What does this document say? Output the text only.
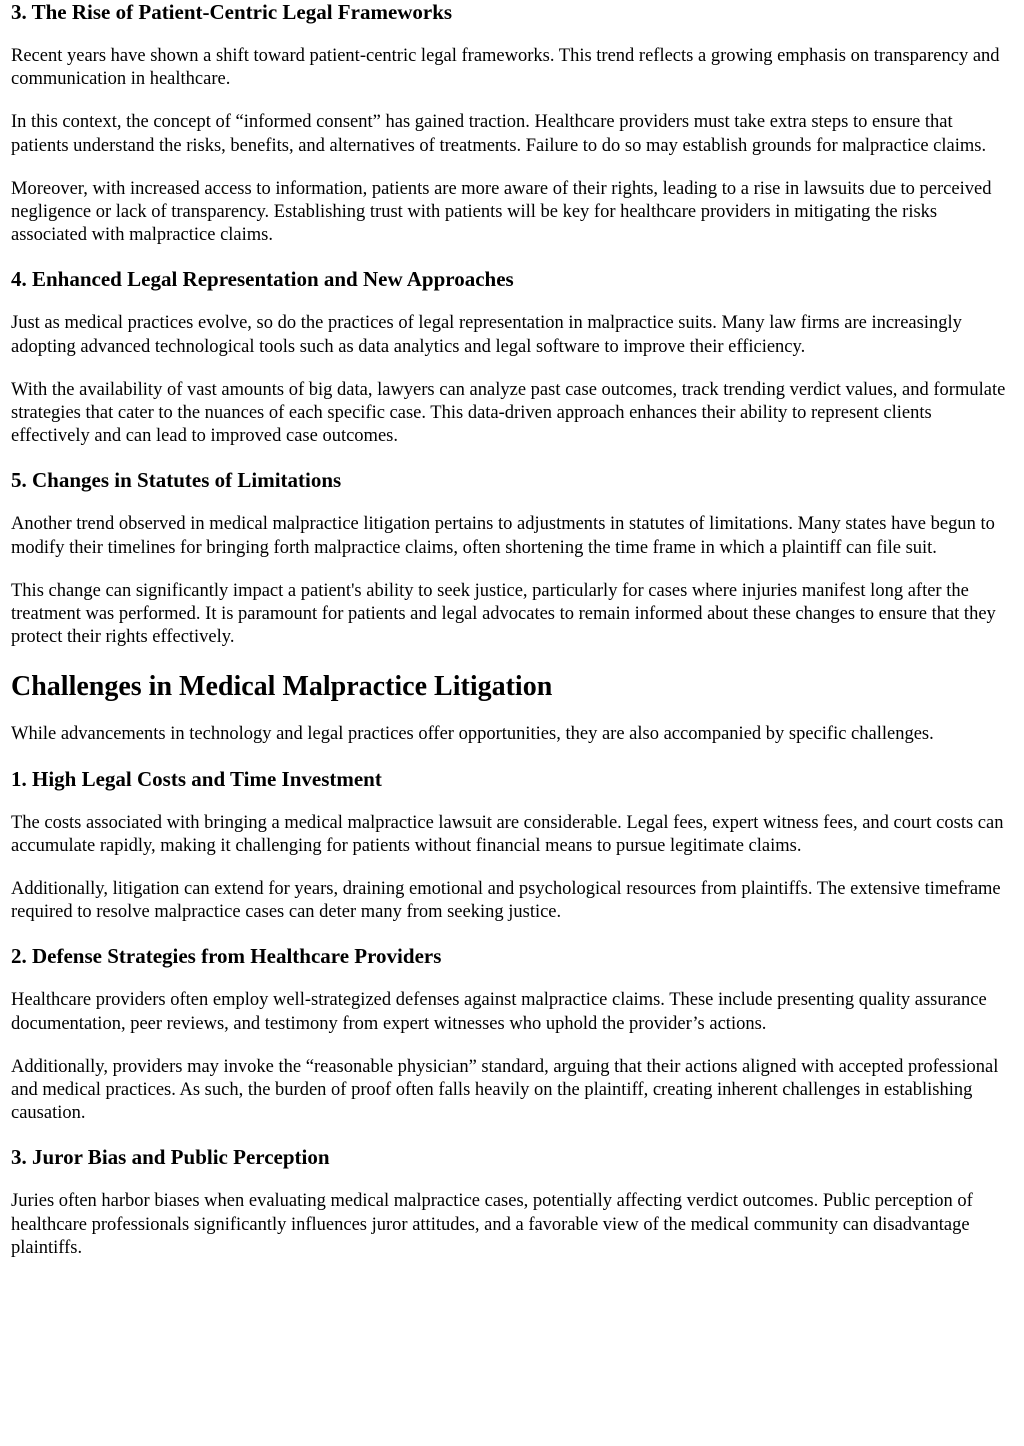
3. The Rise of Patient-Centric Legal Frameworks

Recent years have shown a shift toward patient-centric legal frameworks. This trend reflects a growing emphasis on transparency and communication in healthcare.

In this context, the concept of “informed consent” has gained traction. Healthcare providers must take extra steps to ensure that patients understand the risks, benefits, and alternatives of treatments. Failure to do so may establish grounds for malpractice claims.

Moreover, with increased access to information, patients are more aware of their rights, leading to a rise in lawsuits due to perceived negligence or lack of transparency. Establishing trust with patients will be key for healthcare providers in mitigating the risks associated with malpractice claims.

4. Enhanced Legal Representation and New Approaches

Just as medical practices evolve, so do the practices of legal representation in malpractice suits. Many law firms are increasingly adopting advanced technological tools such as data analytics and legal software to improve their efficiency.

With the availability of vast amounts of big data, lawyers can analyze past case outcomes, track trending verdict values, and formulate strategies that cater to the nuances of each specific case. This data-driven approach enhances their ability to represent clients effectively and can lead to improved case outcomes.

5. Changes in Statutes of Limitations

Another trend observed in medical malpractice litigation pertains to adjustments in statutes of limitations. Many states have begun to modify their timelines for bringing forth malpractice claims, often shortening the time frame in which a plaintiff can file suit.

This change can significantly impact a patient's ability to seek justice, particularly for cases where injuries manifest long after the treatment was performed. It is paramount for patients and legal advocates to remain informed about these changes to ensure that they protect their rights effectively.

Challenges in Medical Malpractice Litigation

While advancements in technology and legal practices offer opportunities, they are also accompanied by specific challenges.

1. High Legal Costs and Time Investment

The costs associated with bringing a medical malpractice lawsuit are considerable. Legal fees, expert witness fees, and court costs can accumulate rapidly, making it challenging for patients without financial means to pursue legitimate claims.

Additionally, litigation can extend for years, draining emotional and psychological resources from plaintiffs. The extensive timeframe required to resolve malpractice cases can deter many from seeking justice.

2. Defense Strategies from Healthcare Providers

Healthcare providers often employ well-strategized defenses against malpractice claims. These include presenting quality assurance documentation, peer reviews, and testimony from expert witnesses who uphold the provider’s actions.

Additionally, providers may invoke the “reasonable physician” standard, arguing that their actions aligned with accepted professional and medical practices. As such, the burden of proof often falls heavily on the plaintiff, creating inherent challenges in establishing causation.

3. Juror Bias and Public Perception

Juries often harbor biases when evaluating medical malpractice cases, potentially affecting verdict outcomes. Public perception of healthcare professionals significantly influences juror attitudes, and a favorable view of the medical community can disadvantage plaintiffs.
